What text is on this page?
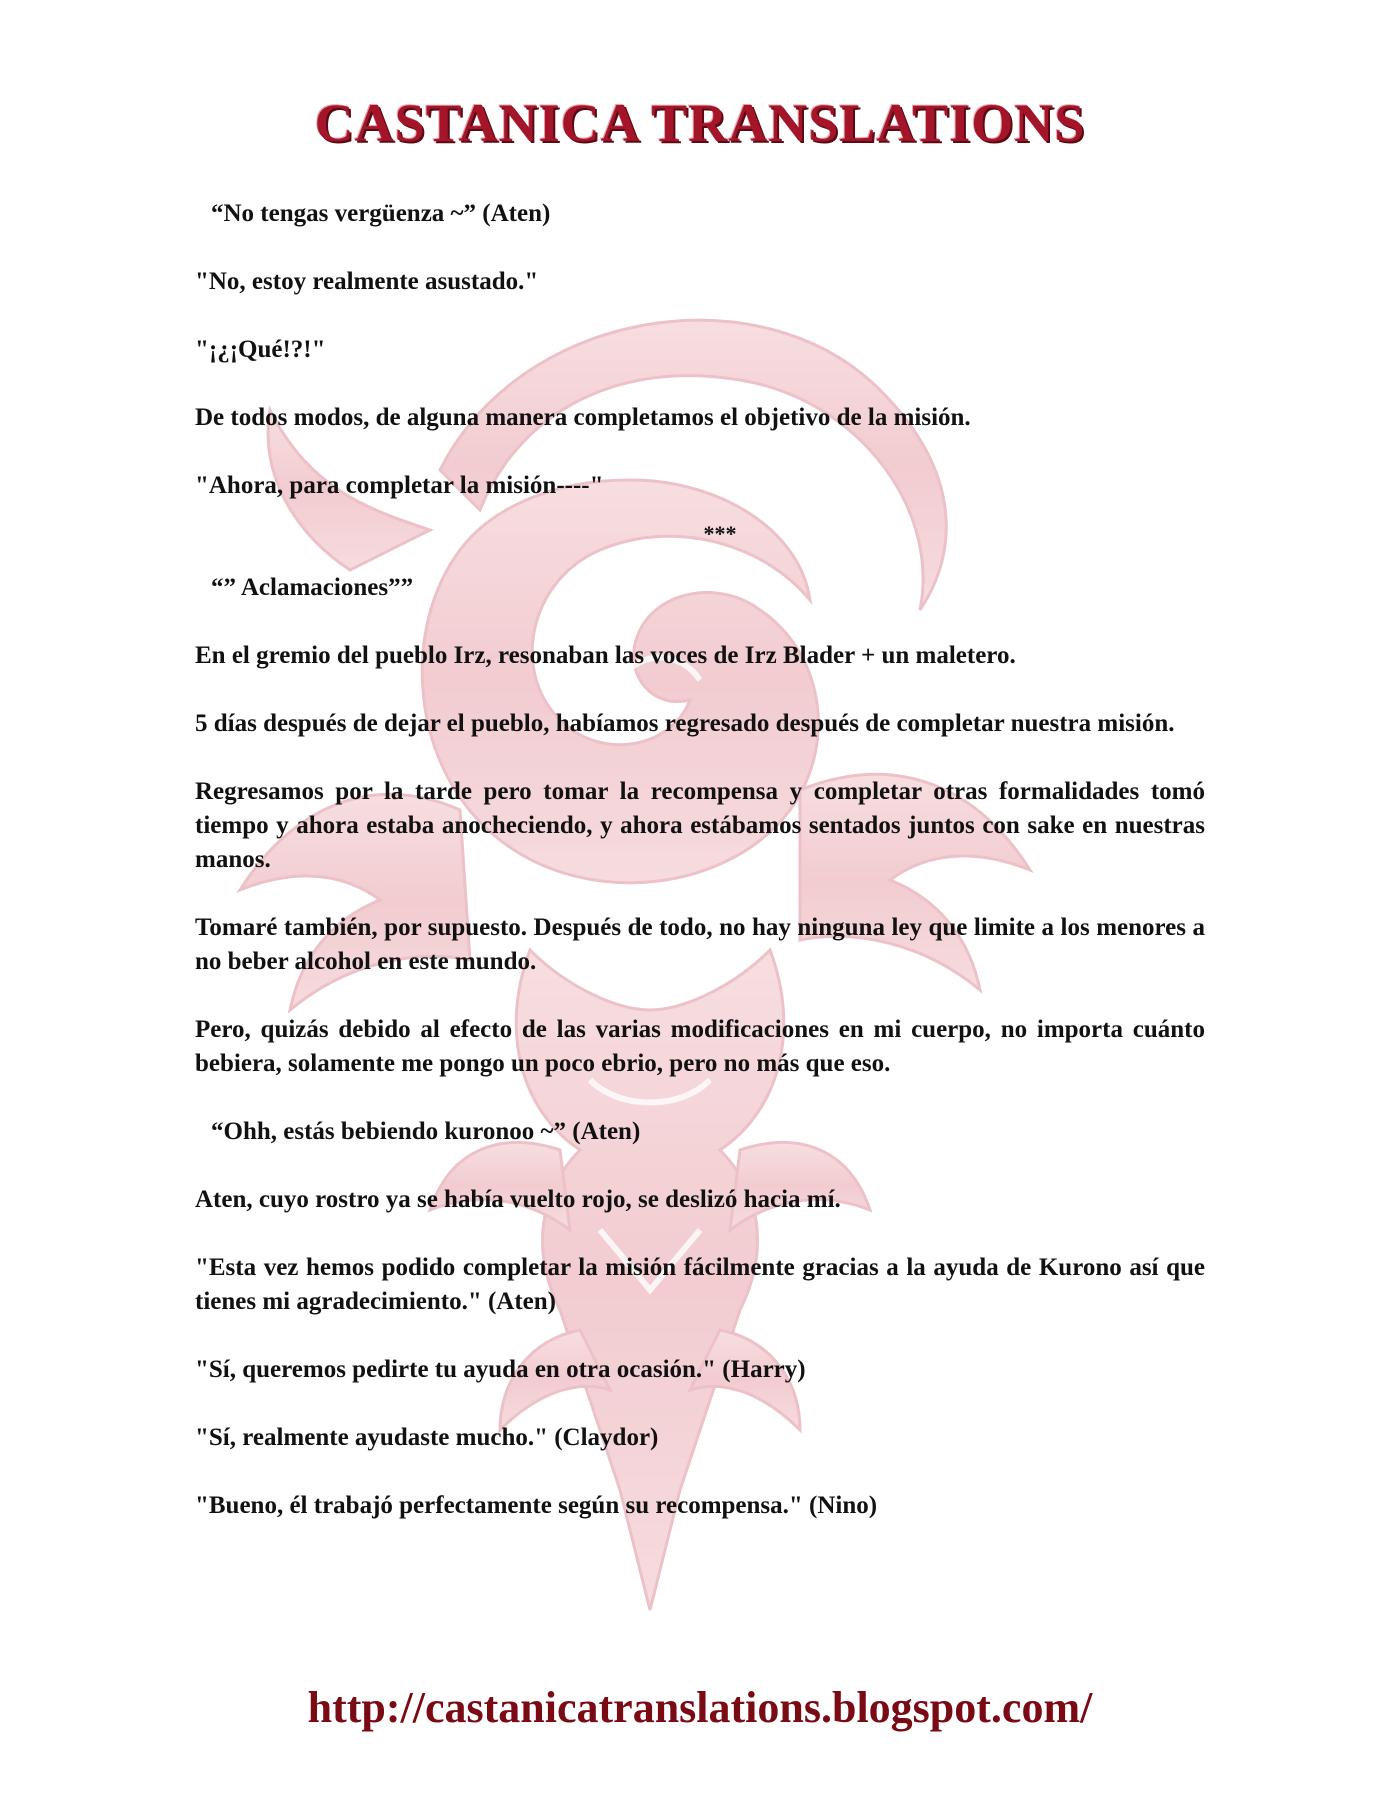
CASTANICA TRANSLATIONS

“No tengas vergüenza ~” (Aten)

"No, estoy realmente asustado."

"¡¿¡Qué!?!"

De todos modos, de alguna manera completamos el objetivo de la misión.

"Ahora, para completar la misión----"

***

“” Aclamaciones””

En el gremio del pueblo Irz, resonaban las voces de Irz Blader + un maletero.

5 días después de dejar el pueblo, habíamos regresado después de completar nuestra misión.

Regresamos por la tarde pero tomar la recompensa y completar otras formalidades tomó tiempo y ahora estaba anocheciendo, y ahora estábamos sentados juntos con sake en nuestras manos.

Tomaré también, por supuesto. Después de todo, no hay ninguna ley que limite a los menores a no beber alcohol en este mundo.

Pero, quizás debido al efecto de las varias modificaciones en mi cuerpo, no importa cuánto bebiera, solamente me pongo un poco ebrio, pero no más que eso.

“Ohh, estás bebiendo kuronoo ~” (Aten)

Aten, cuyo rostro ya se había vuelto rojo, se deslizó hacia mí.

"Esta vez hemos podido completar la misión fácilmente gracias a la ayuda de Kurono así que tienes mi agradecimiento." (Aten)

"Sí, queremos pedirte tu ayuda en otra ocasión." (Harry)

"Sí, realmente ayudaste mucho." (Claydor)

"Bueno, él trabajó perfectamente según su recompensa." (Nino)

http://castanicatranslations.blogspot.com/
